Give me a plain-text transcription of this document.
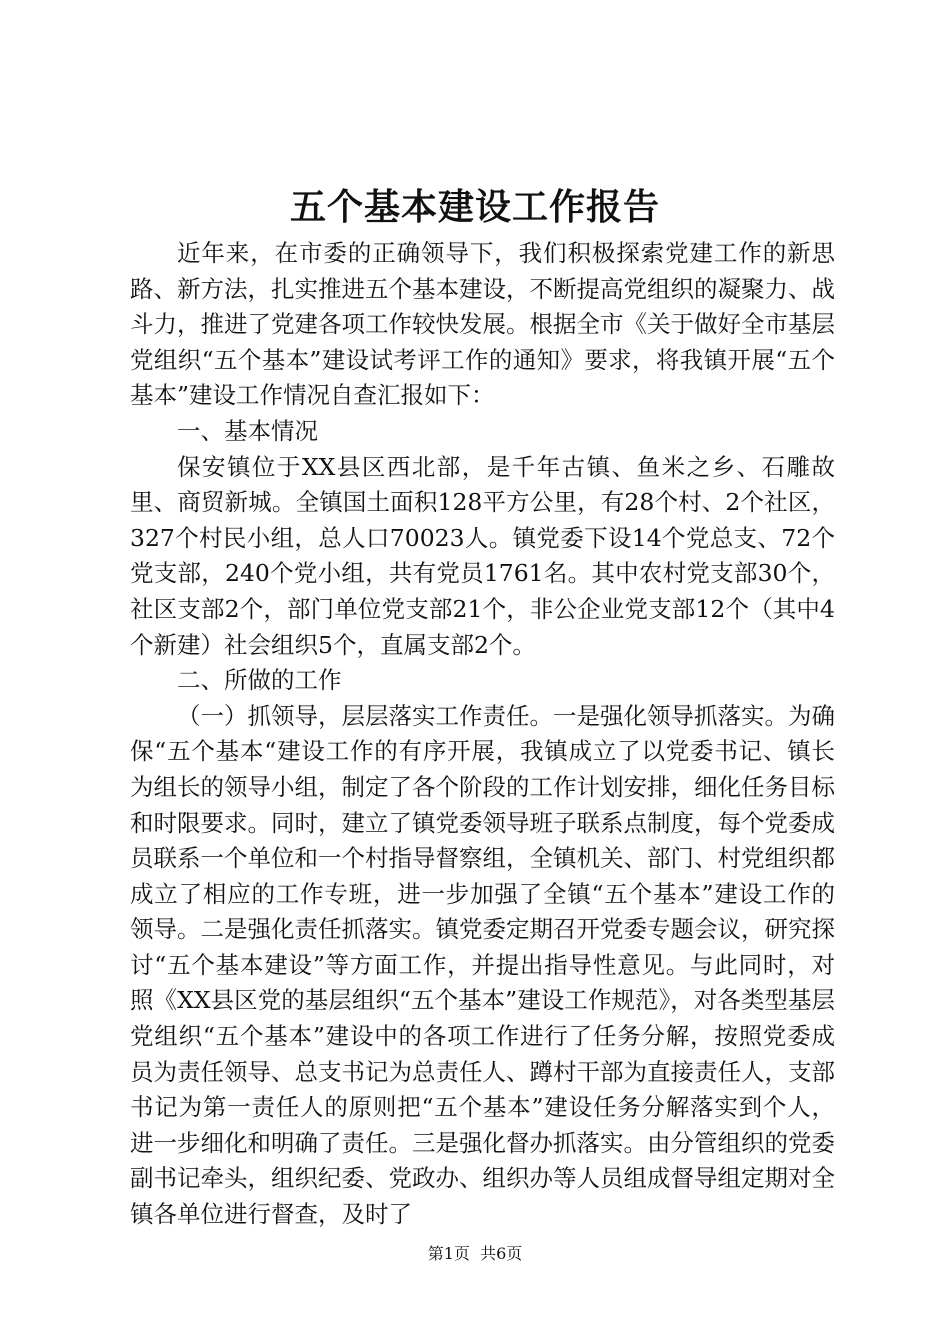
五个基本建设工作报告

近年来，在市委的正确领导下，我们积极探索党建工作的新思路、新方法，扎实推进五个基本建设，不断提高党组织的凝聚力、战斗力，推进了党建各项工作较快发展。根据全市《关于做好全市基层党组织“五个基本”建设试考评工作的通知》要求，将我镇开展“五个基本”建设工作情况自查汇报如下：

一、基本情况

保安镇位于XX县区西北部，是千年古镇、鱼米之乡、石雕故里、商贸新城。全镇国土面积128平方公里，有28个村、2个社区，327个村民小组，总人口70023人。镇党委下设14个党总支、72个党支部，240个党小组，共有党员1761名。其中农村党支部30个，社区支部2个，部门单位党支部21个，非公企业党支部12个（其中4个新建）社会组织5个，直属支部2个。

二、所做的工作

（一）抓领导，层层落实工作责任。一是强化领导抓落实。为确保“五个基本“建设工作的有序开展，我镇成立了以党委书记、镇长为组长的领导小组，制定了各个阶段的工作计划安排，细化任务目标和时限要求。同时，建立了镇党委领导班子联系点制度，每个党委成员联系一个单位和一个村指导督察组，全镇机关、部门、村党组织都成立了相应的工作专班，进一步加强了全镇“五个基本”建设工作的领导。二是强化责任抓落实。镇党委定期召开党委专题会议，研究探讨“五个基本建设”等方面工作，并提出指导性意见。与此同时，对照《XX县区党的基层组织“五个基本”建设工作规范》，对各类型基层党组织“五个基本”建设中的各项工作进行了任务分解，按照党委成员为责任领导、总支书记为总责任人、蹲村干部为直接责任人，支部书记为第一责任人的原则把“五个基本”建设任务分解落实到个人，进一步细化和明确了责任。三是强化督办抓落实。由分管组织的党委副书记牵头，组织纪委、党政办、组织办等人员组成督导组定期对全镇各单位进行督查，及时了

第1页 共6页
